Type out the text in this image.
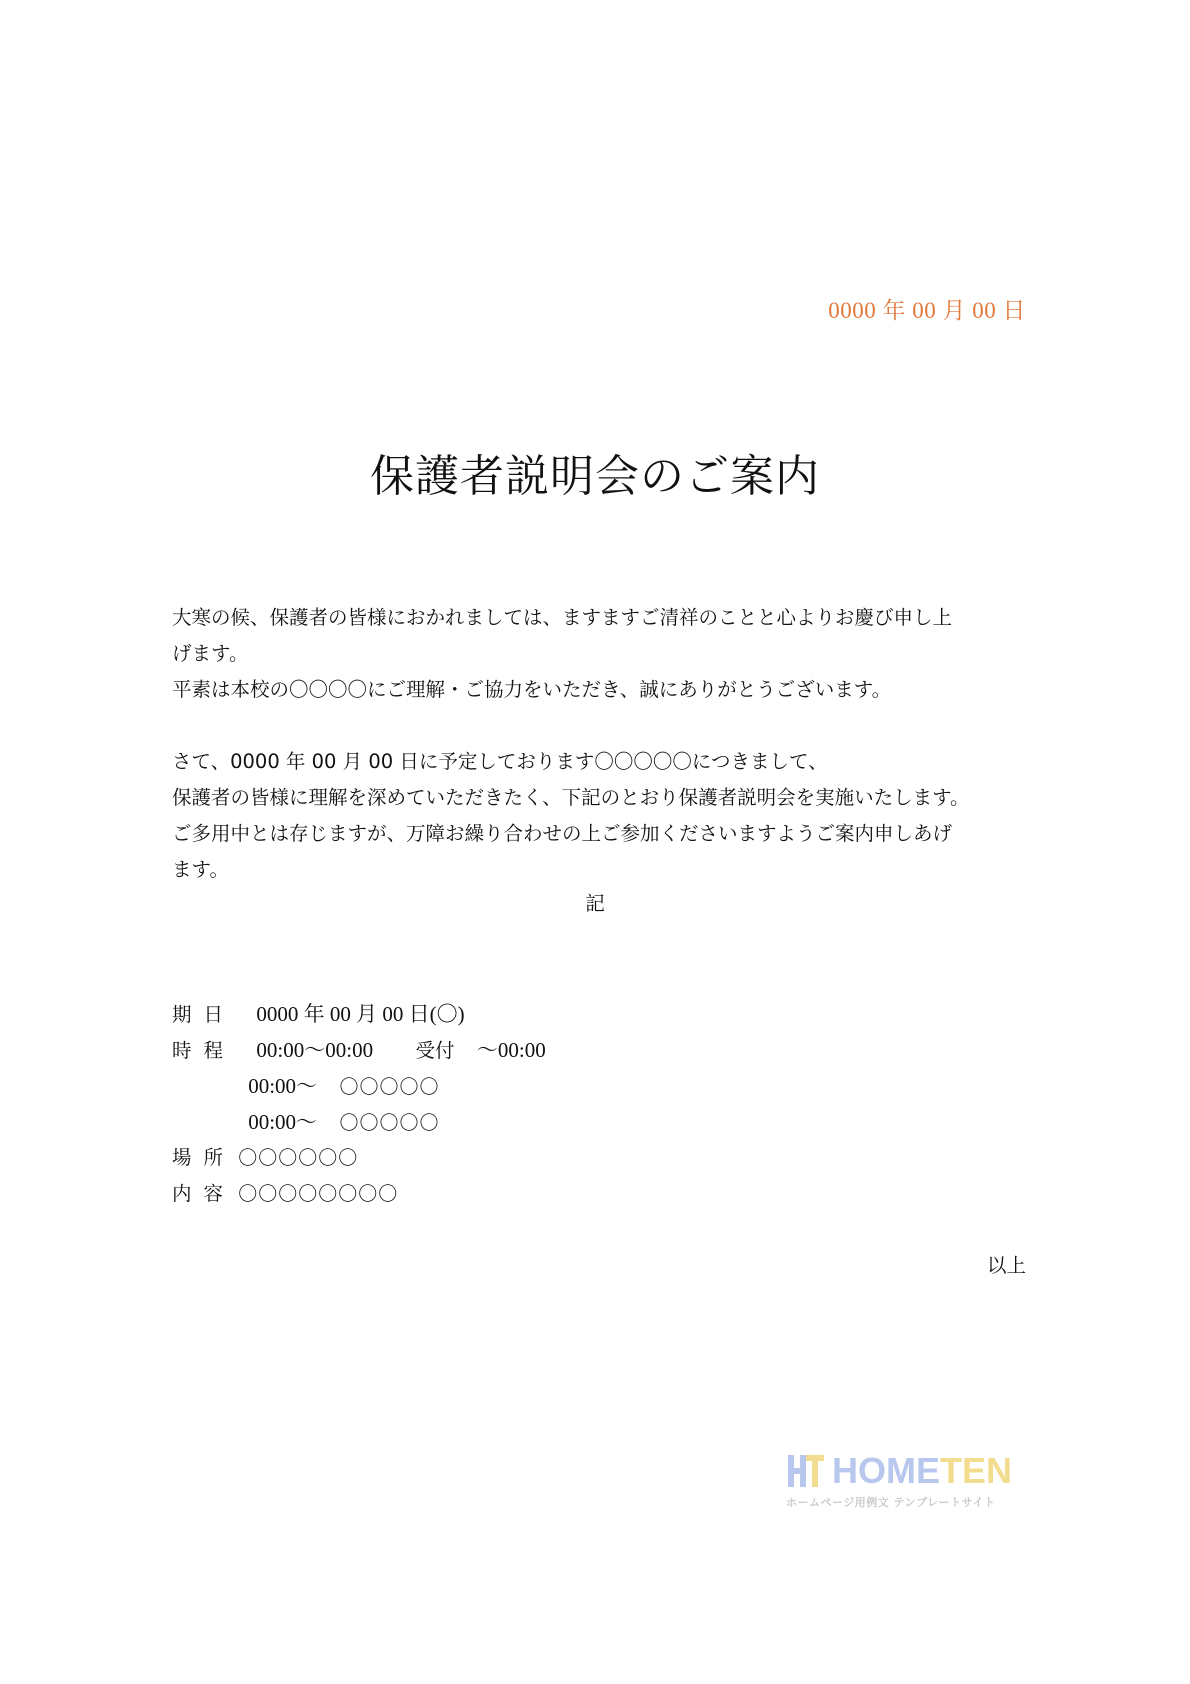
0000 年 00 月 00 日
保護者説明会のご案内

大寒の候、保護者の皆様におかれましては、ますますご清祥のことと心よりお慶び申し上

げます。

平素は本校の〇〇〇〇にご理解・ご協力をいただき、誠にありがとうございます。

さて、0000 年 00 月 00 日に予定しております〇〇〇〇〇につきまして、

保護者の皆様に理解を深めていただきたく、下記のとおり保護者説明会を実施いたします。

ご多用中とは存じますが、万障お繰り合わせの上ご参加くださいますようご案内申しあげ

ます。

記
期日 0000 年 00 月 00 日(〇)
時程 00:00〜00:00 受付 〜00:00
00:00〜 〇〇〇〇〇
00:00〜 〇〇〇〇〇
場所 〇〇〇〇〇〇
内容 〇〇〇〇〇〇〇〇
以上
HOMETEN
ホームページ用例文 テンプレートサイト
